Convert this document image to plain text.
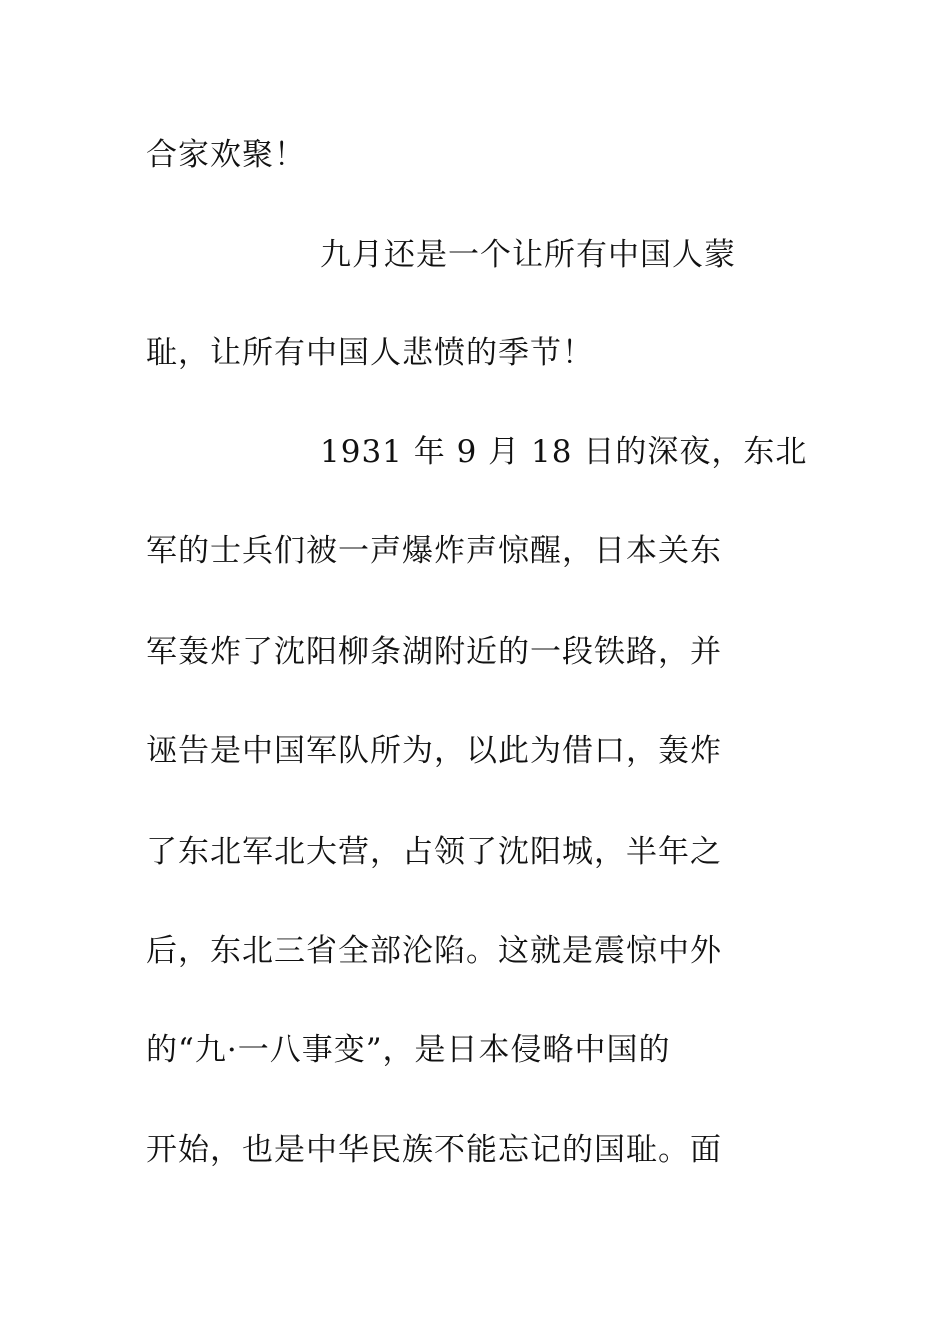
合家欢聚！
九月还是一个让所有中国人蒙
耻，让所有中国人悲愤的季节！
1931 年 9 月 18 日的深夜，东北
军的士兵们被一声爆炸声惊醒，日本关东
军轰炸了沈阳柳条湖附近的一段铁路，并
诬告是中国军队所为，以此为借口，轰炸
了东北军北大营，占领了沈阳城，半年之
后，东北三省全部沦陷。这就是震惊中外
的“九·一八事变”，是日本侵略中国的
开始，也是中华民族不能忘记的国耻。面
